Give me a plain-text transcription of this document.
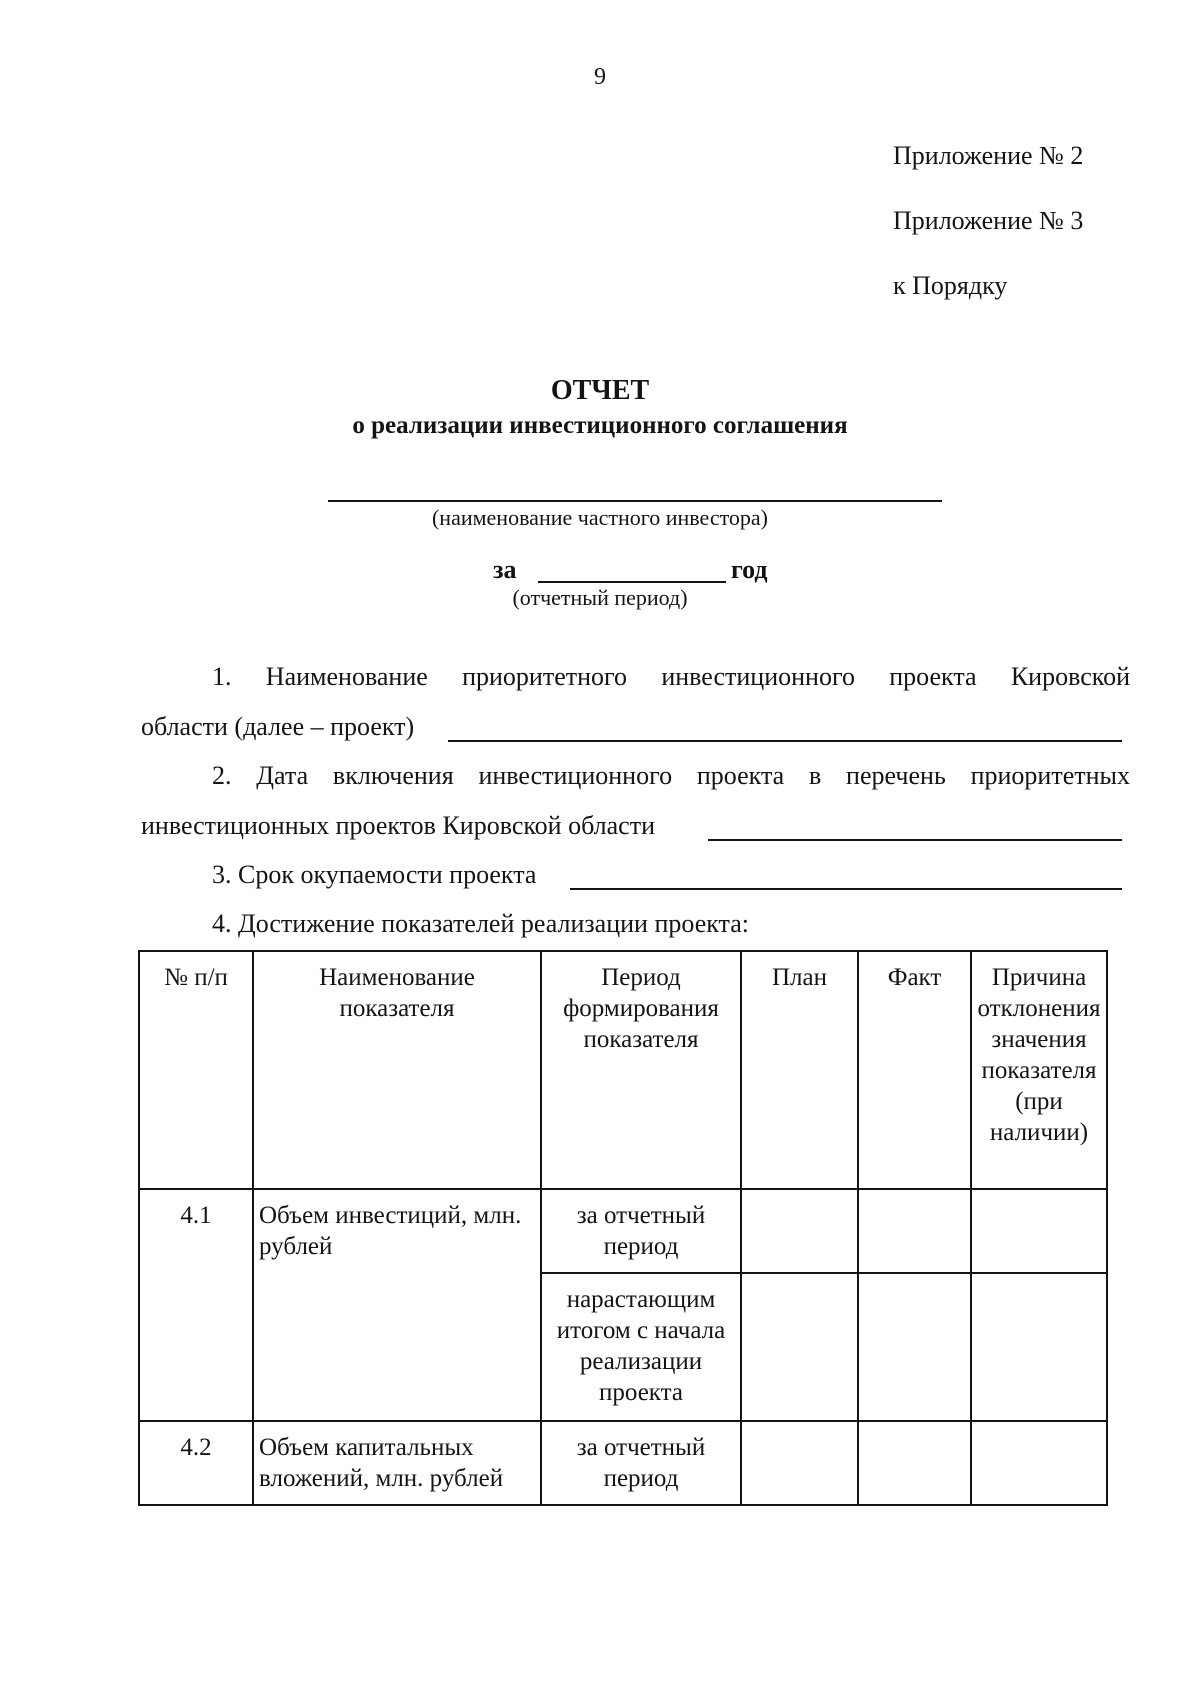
9
Приложение № 2
Приложение № 3
к Порядку
ОТЧЕТ
о реализации инвестиционного соглашения
(наименование частного инвестора)
за	год
(отчетный период)
1. Наименование приоритетного инвестиционного проекта Кировской
области (далее – проект)
2. Дата включения инвестиционного проекта в перечень приоритетных
инвестиционных проектов Кировской области
3. Срок окупаемости проекта
4. Достижение показателей реализации проекта:
№ п/п	Наименование показателя	Период формирования показателя	План	Факт	Причина отклонения значения показателя (при наличии)
4.1	Объем инвестиций, млн. рублей	за отчетный период			
		нарастающим итогом с начала реализации проекта			
4.2	Объем капитальных вложений, млн. рублей	за отчетный период			
